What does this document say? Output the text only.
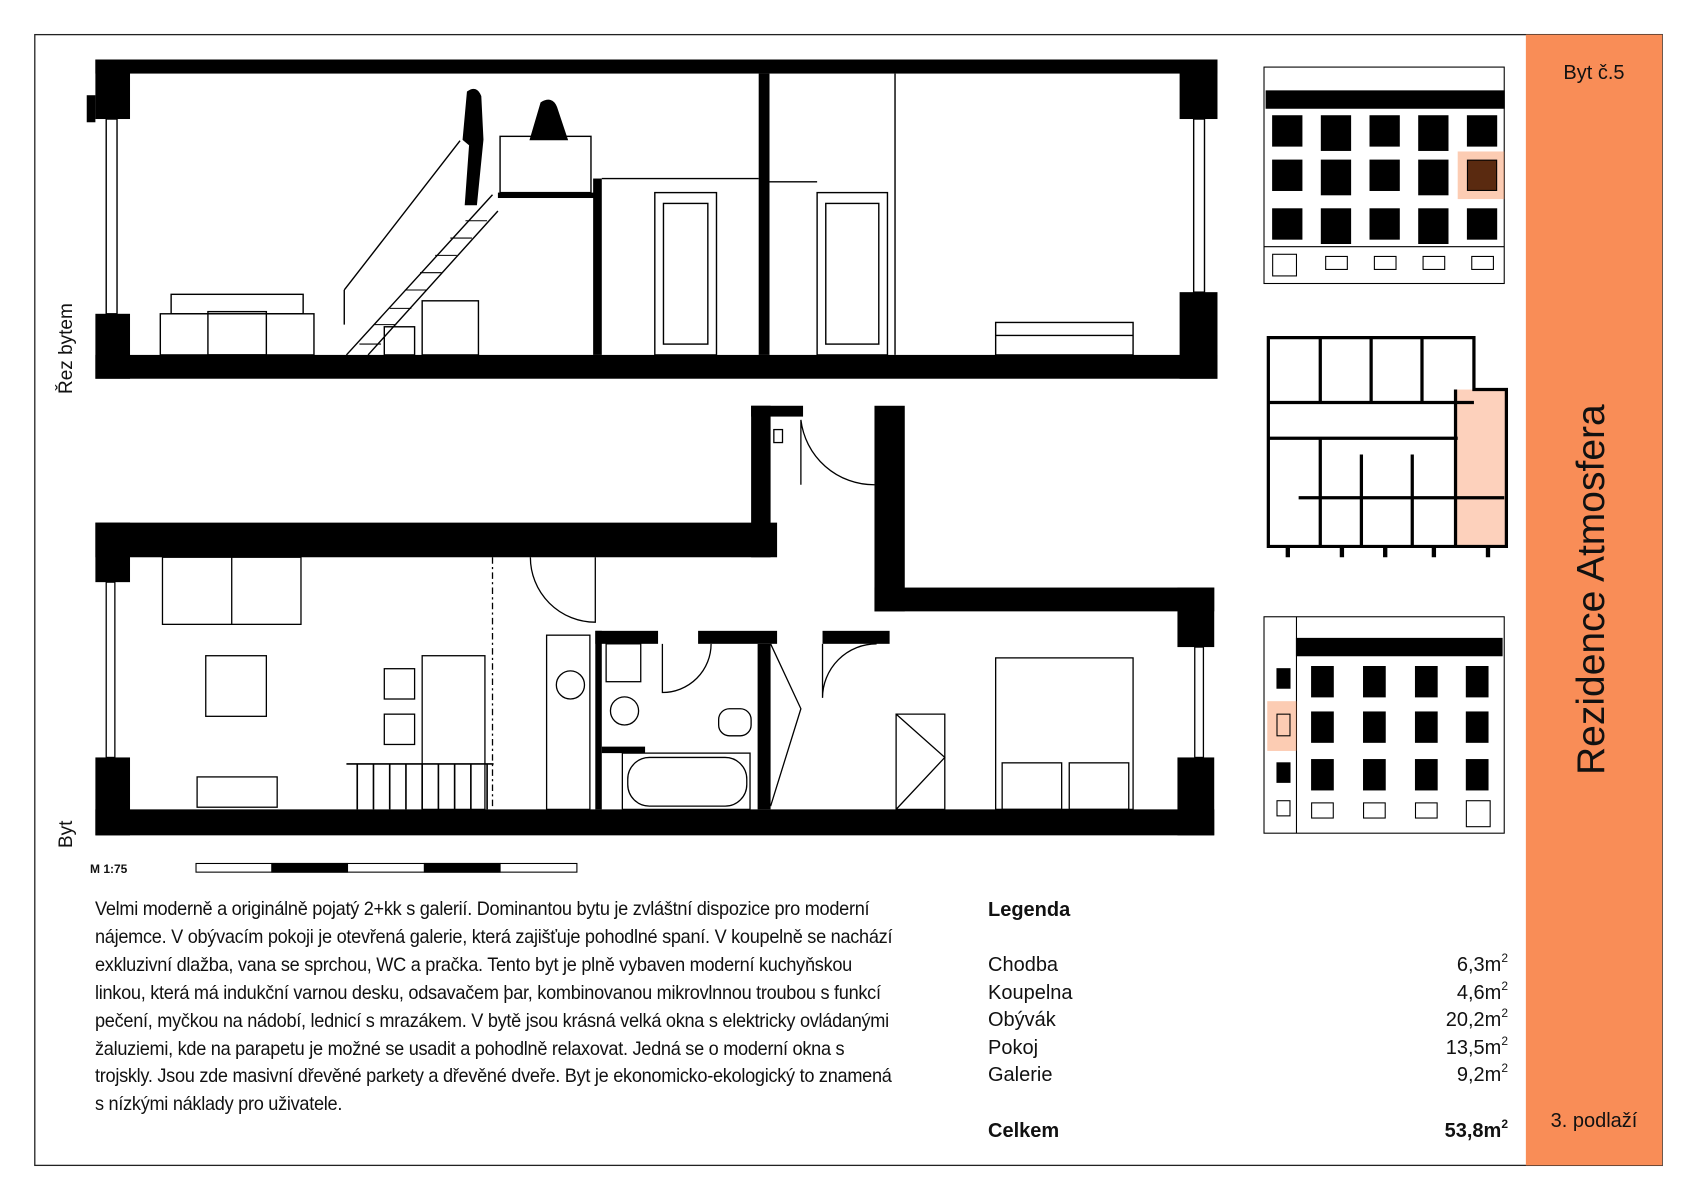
Řez bytem
Byt
M 1:75
Byt č.5
Rezidence Atmosfera
3. podlaží
Velmi moderně a originálně pojatý 2+kk s galerií. Dominantou bytu je zvláštní dispozice pro moderní nájemce. V obývacím pokoji je otevřená galerie, která zajišťuje pohodlné spaní. V koupelně se nachází exkluzivní dlažba, vana se sprchou, WC a pračka. Tento byt je plně vybaven moderní kuchyňskou linkou, která má indukční varnou desku, odsavačem þar, kombinovanou mikrovlnnou troubou s funkcí pečení, myčkou na nádobí, lednicí s mrazákem. V bytě jsou krásná velká okna s elektricky ovládanými žaluziemi, kde na parapetu je možné se usadit a pohodlně relaxovat. Jedná se o moderní okna s trojskly. Jsou zde masivní dřevěné parkety a dřevěné dveře. Byt je ekonomicko-ekologický to znamená s nízkými náklady pro uživatele.
Legenda
Chodba	$6,3m^2$
Koupelna	$4,6m^2$
Obývák	$20,2m^2$
Pokoj	$13,5m^2$
Galerie	$9,2m^2$
Celkem	$53,8m^2$
